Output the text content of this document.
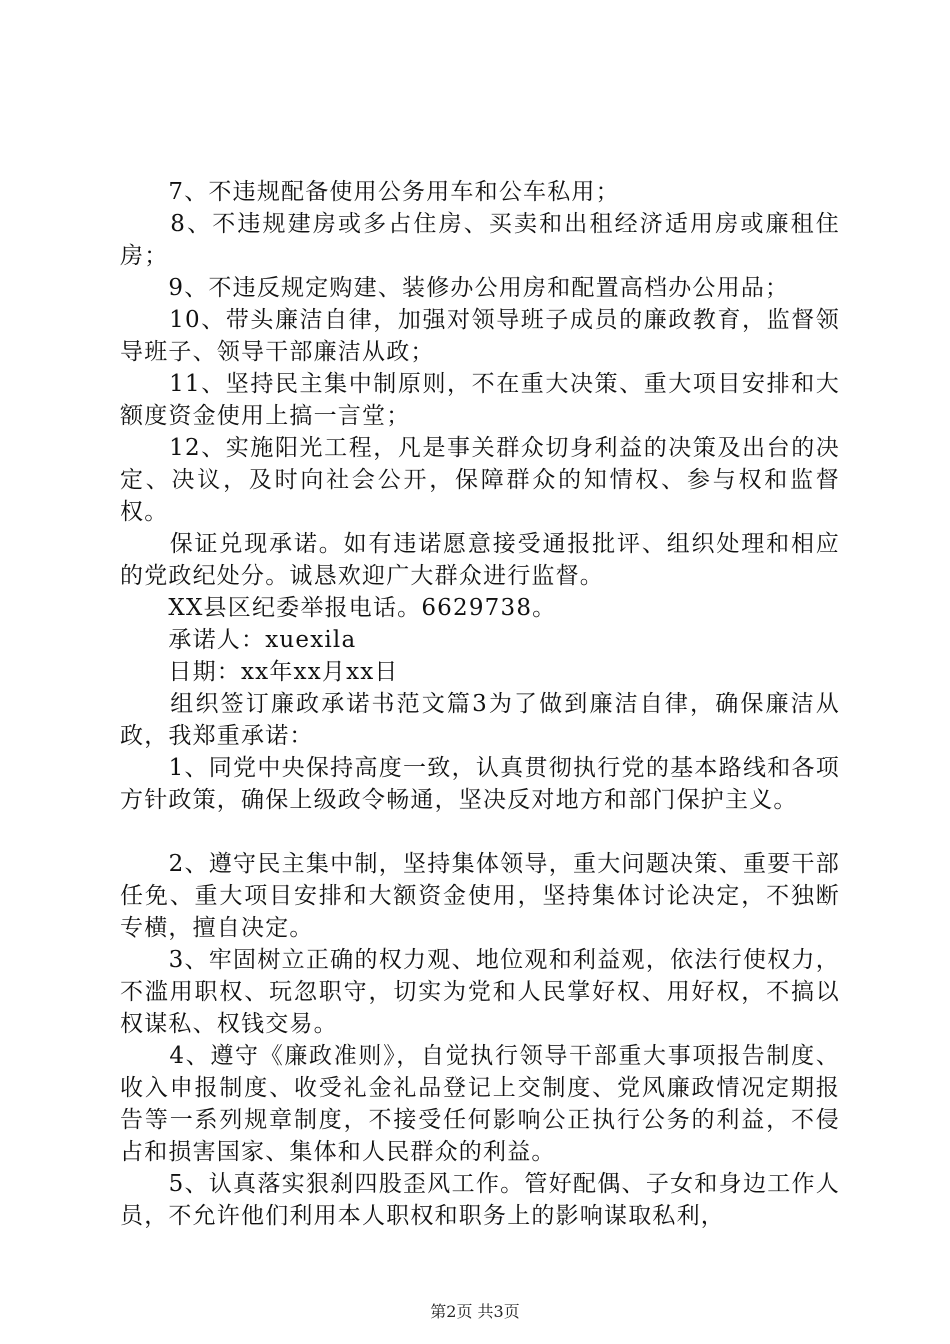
　　7、不违规配备使用公务用车和公车私用；

　　8、不违规建房或多占住房、买卖和出租经济适用房或廉租住房；

　　9、不违反规定购建、装修办公用房和配置高档办公用品；

　　10、带头廉洁自律，加强对领导班子成员的廉政教育，监督领导班子、领导干部廉洁从政；

　　11、坚持民主集中制原则，不在重大决策、重大项目安排和大额度资金使用上搞一言堂；

　　12、实施阳光工程，凡是事关群众切身利益的决策及出台的决定、决议，及时向社会公开，保障群众的知情权、参与权和监督权。

　　保证兑现承诺。如有违诺愿意接受通报批评、组织处理和相应的党政纪处分。诚恳欢迎广大群众进行监督。

　　XX县区纪委举报电话。6629738。

　　承诺人：xuexila

　　日期：xx年xx月xx日

　　组织签订廉政承诺书范文篇3为了做到廉洁自律，确保廉洁从政，我郑重承诺：

　　1、同党中央保持高度一致，认真贯彻执行党的基本路线和各项方针政策，确保上级政令畅通，坚决反对地方和部门保护主义。

　　2、遵守民主集中制，坚持集体领导，重大问题决策、重要干部任免、重大项目安排和大额资金使用，坚持集体讨论决定，不独断专横，擅自决定。

　　3、牢固树立正确的权力观、地位观和利益观，依法行使权力，不滥用职权、玩忽职守，切实为党和人民掌好权、用好权，不搞以权谋私、权钱交易。

　　4、遵守《廉政准则》，自觉执行领导干部重大事项报告制度、收入申报制度、收受礼金礼品登记上交制度、党风廉政情况定期报告等一系列规章制度，不接受任何影响公正执行公务的利益，不侵占和损害国家、集体和人民群众的利益。

　　5、认真落实狠刹四股歪风工作。管好配偶、子女和身边工作人员，不允许他们利用本人职权和职务上的影响谋取私利，

第2页 共3页
